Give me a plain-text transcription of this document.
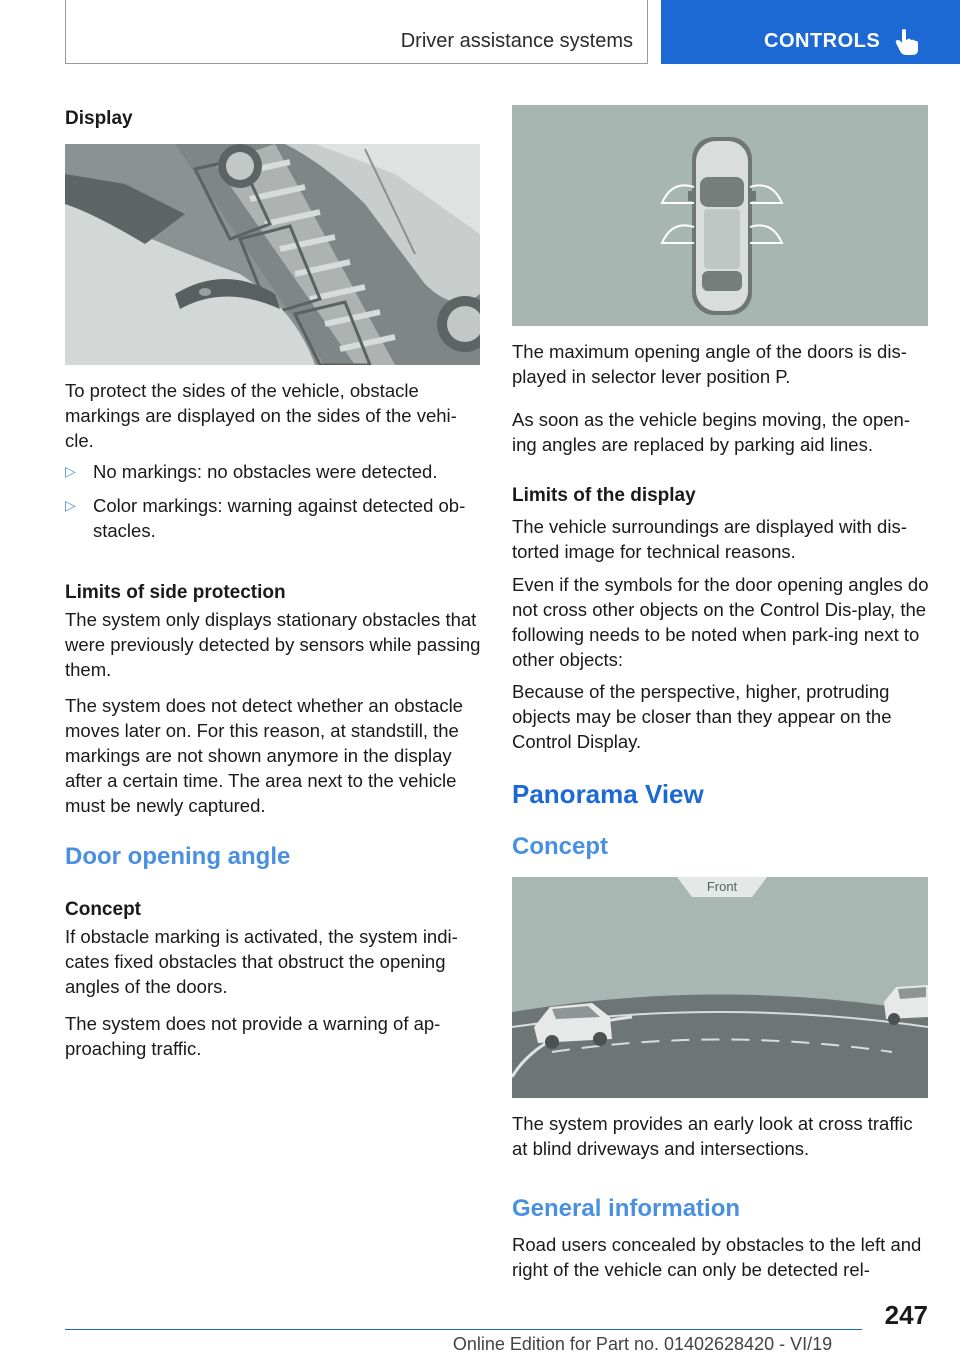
Driver assistance systems	CONTROLS
Display
To protect the sides of the vehicle, obstacle markings are displayed on the sides of the vehi-cle.
▷ No markings: no obstacles were detected.
▷ Color markings: warning against detected ob-stacles.
Limits of side protection
The system only displays stationary obstacles that were previously detected by sensors while passing them.
The system does not detect whether an obstacle moves later on. For this reason, at standstill, the markings are not shown anymore in the display after a certain time. The area next to the vehicle must be newly captured.
Door opening angle
Concept
If obstacle marking is activated, the system indi-cates fixed obstacles that obstruct the opening angles of the doors.
The system does not provide a warning of ap-proaching traffic.
The maximum opening angle of the doors is dis-played in selector lever position P.
As soon as the vehicle begins moving, the open-ing angles are replaced by parking aid lines.
Limits of the display
The vehicle surroundings are displayed with dis-torted image for technical reasons.
Even if the symbols for the door opening angles do not cross other objects on the Control Dis-play, the following needs to be noted when park-ing next to other objects:
Because of the perspective, higher, protruding objects may be closer than they appear on the Control Display.
Panorama View
Concept
Front
The system provides an early look at cross traffic at blind driveways and intersections.
General information
Road users concealed by obstacles to the left and right of the vehicle can only be detected rel-
247
Online Edition for Part no. 01402628420 - VI/19
